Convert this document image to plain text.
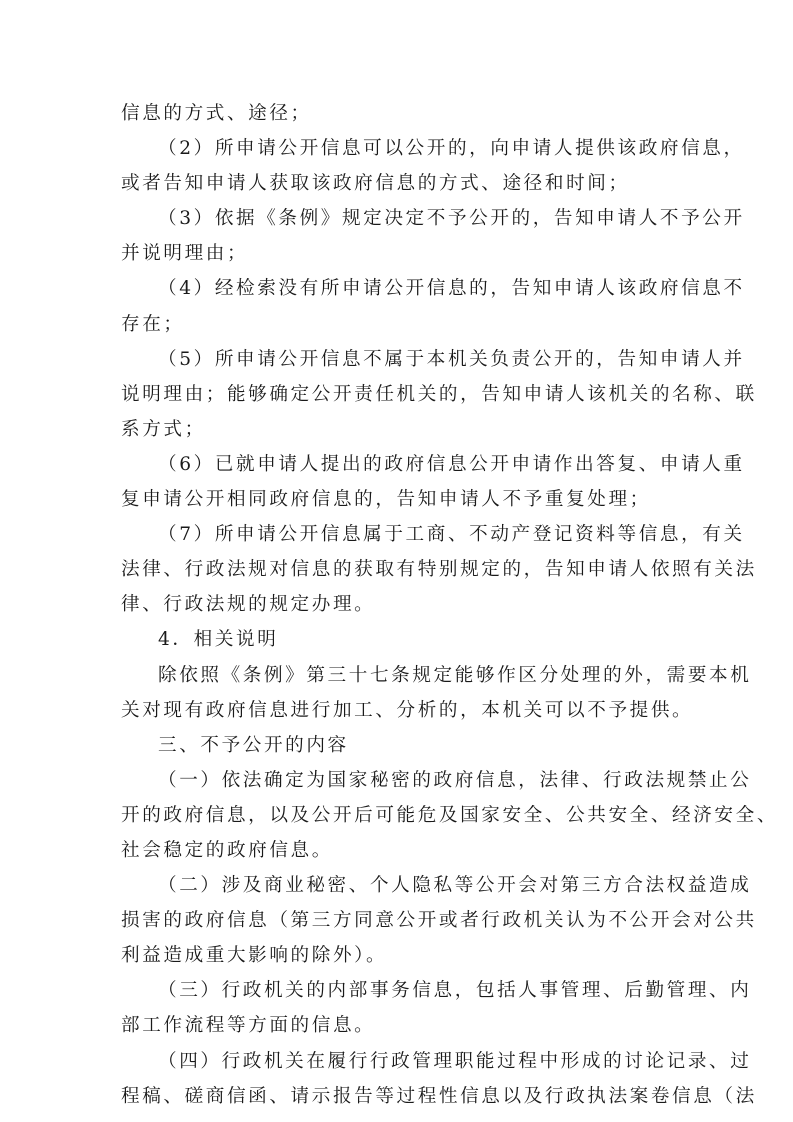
信息的方式、途径；
（2）所申请公开信息可以公开的，向申请人提供该政府信息，
或者告知申请人获取该政府信息的方式、途径和时间；
（3）依据《条例》规定决定不予公开的，告知申请人不予公开
并说明理由；
（4）经检索没有所申请公开信息的，告知申请人该政府信息不
存在；
（5）所申请公开信息不属于本机关负责公开的，告知申请人并
说明理由；能够确定公开责任机关的，告知申请人该机关的名称、联
系方式；
（6）已就申请人提出的政府信息公开申请作出答复、申请人重
复申请公开相同政府信息的，告知申请人不予重复处理；
（7）所申请公开信息属于工商、不动产登记资料等信息，有关
法律、行政法规对信息的获取有特别规定的，告知申请人依照有关法
律、行政法规的规定办理。
4．相关说明
除依照《条例》第三十七条规定能够作区分处理的外，需要本机
关对现有政府信息进行加工、分析的，本机关可以不予提供。
三、不予公开的内容
（一）依法确定为国家秘密的政府信息，法律、行政法规禁止公
开的政府信息，以及公开后可能危及国家安全、公共安全、经济安全、
社会稳定的政府信息。
（二）涉及商业秘密、个人隐私等公开会对第三方合法权益造成
损害的政府信息（第三方同意公开或者行政机关认为不公开会对公共
利益造成重大影响的除外）。
（三）行政机关的内部事务信息，包括人事管理、后勤管理、内
部工作流程等方面的信息。
（四）行政机关在履行行政管理职能过程中形成的讨论记录、过
程稿、磋商信函、请示报告等过程性信息以及行政执法案卷信息（法
